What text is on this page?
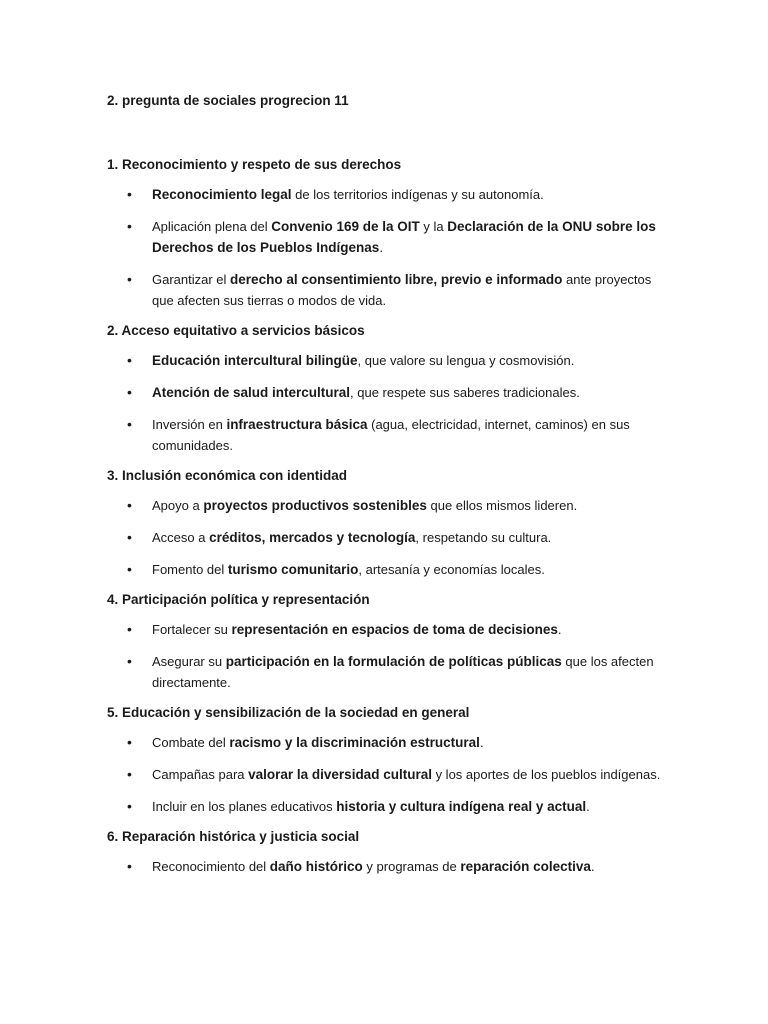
2. pregunta de sociales progrecion 11

1. Reconocimiento y respeto de sus derechos

• Reconocimiento legal de los territorios indígenas y su autonomía.
• Aplicación plena del Convenio 169 de la OIT y la Declaración de la ONU sobre los Derechos de los Pueblos Indígenas.
• Garantizar el derecho al consentimiento libre, previo e informado ante proyectos que afecten sus tierras o modos de vida.

2. Acceso equitativo a servicios básicos

• Educación intercultural bilingüe, que valore su lengua y cosmovisión.
• Atención de salud intercultural, que respete sus saberes tradicionales.
• Inversión en infraestructura básica (agua, electricidad, internet, caminos) en sus comunidades.

3. Inclusión económica con identidad

• Apoyo a proyectos productivos sostenibles que ellos mismos lideren.
• Acceso a créditos, mercados y tecnología, respetando su cultura.
• Fomento del turismo comunitario, artesanía y economías locales.

4. Participación política y representación

• Fortalecer su representación en espacios de toma de decisiones.
• Asegurar su participación en la formulación de políticas públicas que los afecten directamente.

5. Educación y sensibilización de la sociedad en general

• Combate del racismo y la discriminación estructural.
• Campañas para valorar la diversidad cultural y los aportes de los pueblos indígenas.
• Incluir en los planes educativos historia y cultura indígena real y actual.

6. Reparación histórica y justicia social

• Reconocimiento del daño histórico y programas de reparación colectiva.
